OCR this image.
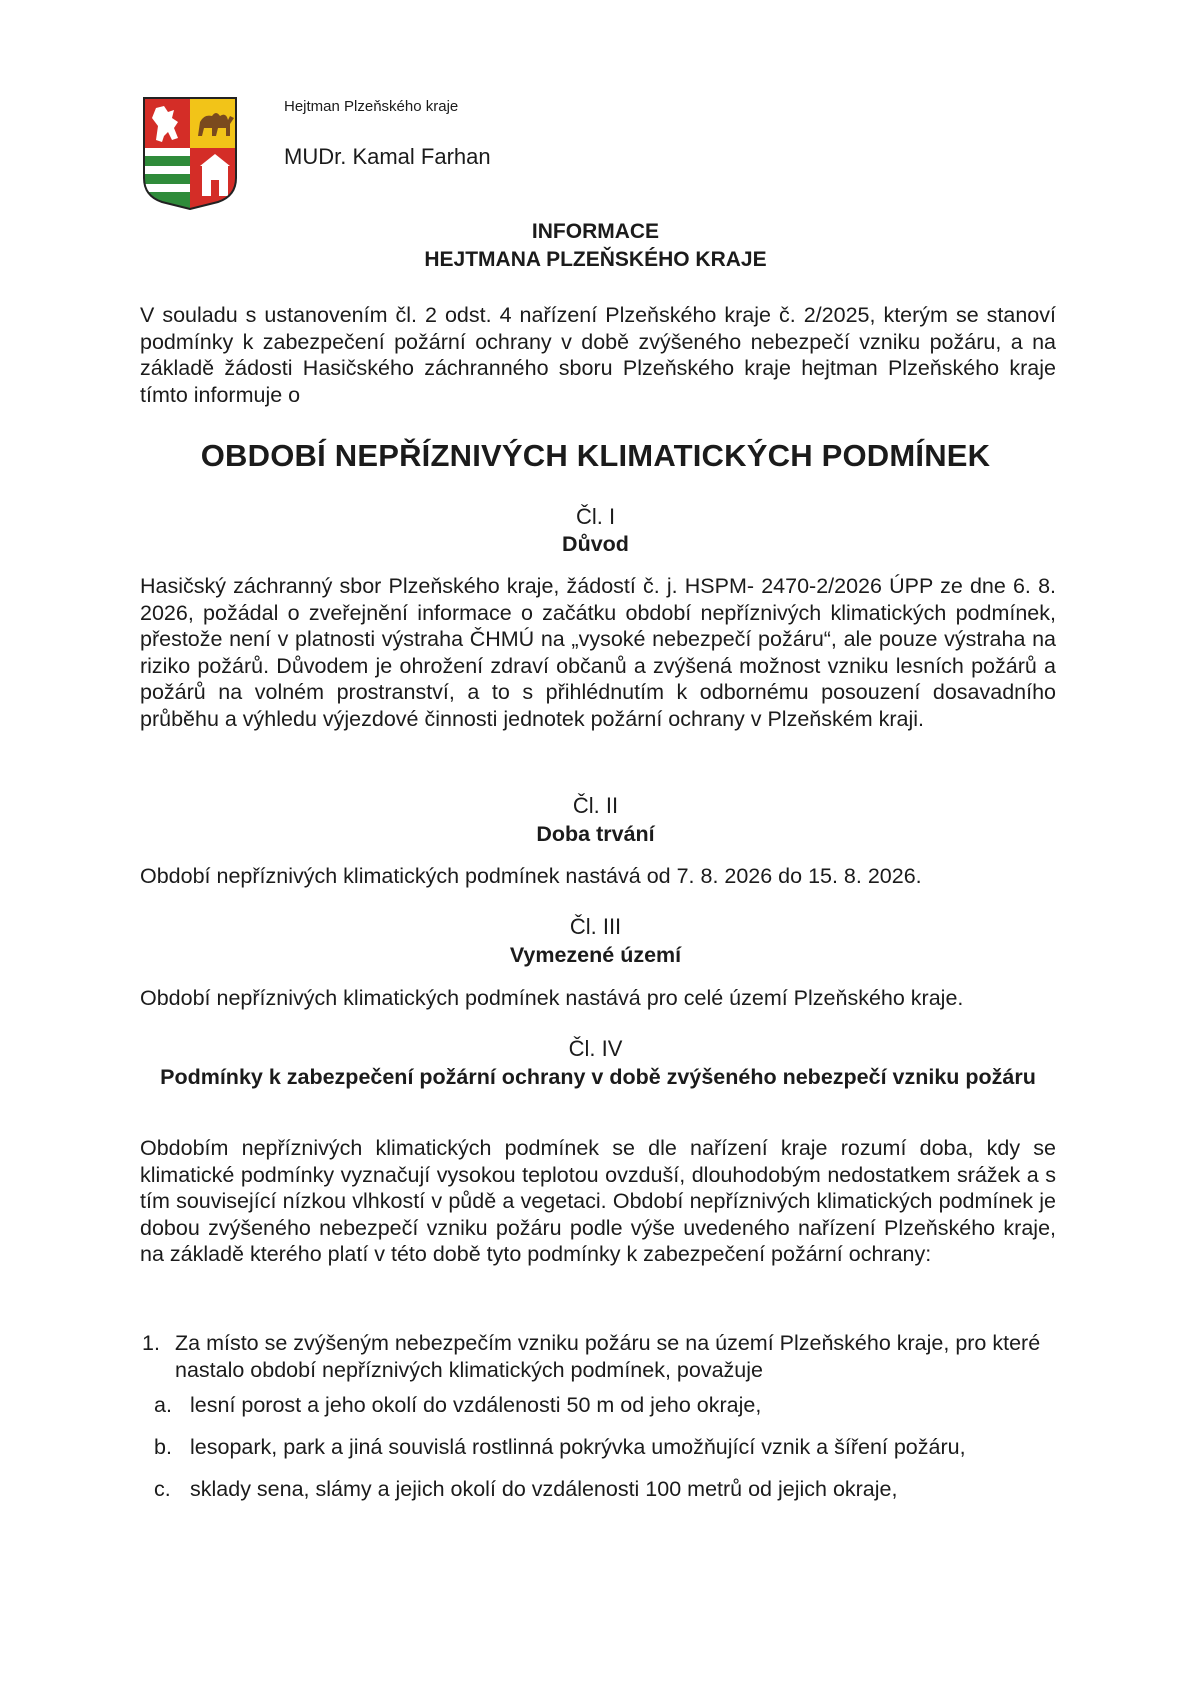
Hejtman Plzeňského kraje
MUDr. Kamal Farhan
INFORMACE
HEJTMANA PLZEŇSKÉHO KRAJE

V souladu s ustanovením čl. 2 odst. 4 nařízení Plzeňského kraje č. 2/2025, kterým se stanoví podmínky k zabezpečení požární ochrany v době zvýšeného nebezpečí vzniku požáru, a na základě žádosti Hasičského záchranného sboru Plzeňského kraje hejtman Plzeňského kraje tímto informuje o

OBDOBÍ NEPŘÍZNIVÝCH KLIMATICKÝCH PODMÍNEK
Čl. I
Důvod

Hasičský záchranný sbor Plzeňského kraje, žádostí č. j. HSPM- 2470-2/2026 ÚPP ze dne 6. 8. 2026, požádal o zveřejnění informace o začátku období nepříznivých klimatických podmínek, přestože není v platnosti výstraha ČHMÚ na „vysoké nebezpečí požáru“, ale pouze výstraha na riziko požárů. Důvodem je ohrožení zdraví občanů a zvýšená možnost vzniku lesních požárů a požárů na volném prostranství, a to s přihlédnutím k odbornému posouzení dosavadního průběhu a výhledu výjezdové činnosti jednotek požární ochrany v Plzeňském kraji.

Čl. II
Doba trvání

Období nepříznivých klimatických podmínek nastává od 7. 8. 2026 do 15. 8. 2026.

Čl. III
Vymezené území

Období nepříznivých klimatických podmínek nastává pro celé území Plzeňského kraje.

Čl. IV
Podmínky k zabezpečení požární ochrany v době zvýšeného nebezpečí vzniku požáru

Obdobím nepříznivých klimatických podmínek se dle nařízení kraje rozumí doba, kdy se klimatické podmínky vyznačují vysokou teplotou ovzduší, dlouhodobým nedostatkem srážek a s tím související nízkou vlhkostí v půdě a vegetaci. Období nepříznivých klimatických podmínek je dobou zvýšeného nebezpečí vzniku požáru podle výše uvedeného nařízení Plzeňského kraje, na základě kterého platí v této době tyto podmínky k zabezpečení požární ochrany:

1. Za místo se zvýšeným nebezpečím vzniku požáru se na území Plzeňského kraje, pro které nastalo období nepříznivých klimatických podmínek, považuje
a. lesní porost a jeho okolí do vzdálenosti 50 m od jeho okraje,
b. lesopark, park a jiná souvislá rostlinná pokrývka umožňující vznik a šíření požáru,
c. sklady sena, slámy a jejich okolí do vzdálenosti 100 metrů od jejich okraje,
